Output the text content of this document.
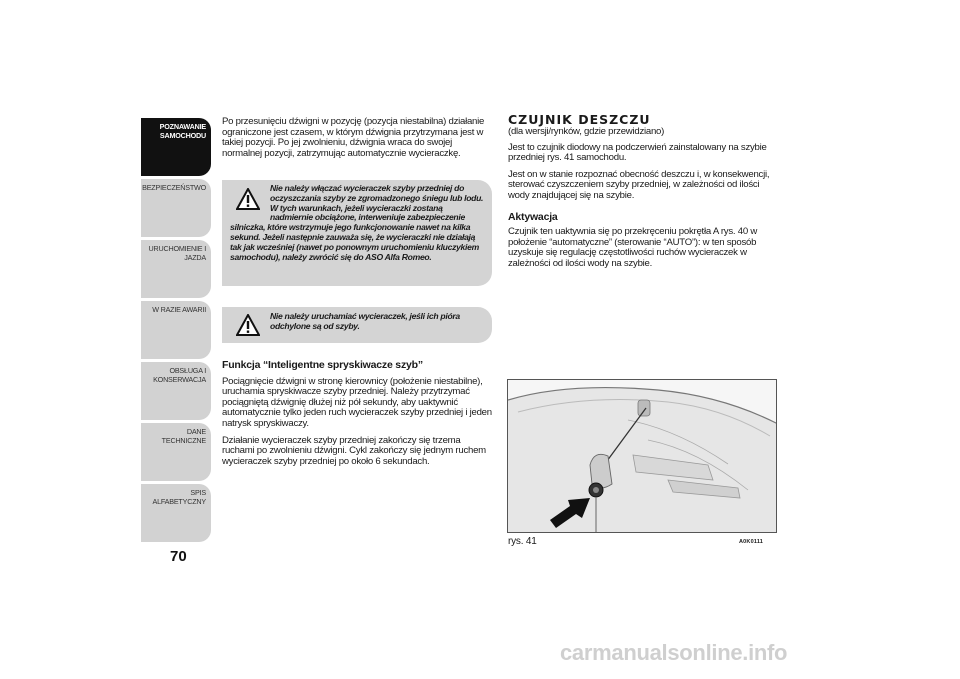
POZNAWANIE SAMOCHODU
BEZPIECZEŃSTWO
URUCHOMIENIE I JAZDA
W RAZIE AWARII
OBSŁUGA I KONSERWACJA
DANE TECHNICZNE
SPIS ALFABETYCZNY
70

Po przesunięciu dźwigni w pozycję (pozycja niestabilna) działanie ograniczone jest czasem, w którym dźwignia przytrzymana jest w takiej pozycji. Po jej zwolnieniu, dźwignia wraca do swojej normalnej pozycji, zatrzymując automatycznie wycieraczkę.

Nie należy włączać wycieraczek szyby przedniej do oczyszczania szyby ze zgromadzonego śniegu lub lodu. W tych warunkach, jeżeli wycieraczki zostaną nadmiernie obciążone, interweniuje zabezpieczenie silniczka, które wstrzymuje jego funkcjonowanie nawet na kilka sekund. Jeżeli następnie zauważa się, że wycieraczki nie działają tak jak wcześniej (nawet po ponownym uruchomieniu kluczykiem samochodu), należy zwrócić się do ASO Alfa Romeo.
Nie należy uruchamiać wycieraczek, jeśli ich pióra odchylone są od szyby.
Funkcja “Inteligentne spryskiwacze szyb”

Pociągnięcie dźwigni w stronę kierownicy (położenie niestabilne), uruchamia spryskiwacze szyby przedniej. Należy przytrzymać pociągniętą dźwignię dłużej niż pół sekundy, aby uaktywnić automatycznie tylko jeden ruch wycieraczek szyby przedniej i jeden natrysk spryskiwaczy.

Działanie wycieraczek szyby przedniej zakończy się trzema ruchami po zwolnieniu dźwigni. Cykl zakończy się jednym ruchem wycieraczek szyby przedniej po około 6 sekundach.

CZUJNIK DESZCZU

(dla wersji/rynków, gdzie przewidziano)

Jest to czujnik diodowy na podczerwień zainstalowany na szybie przedniej rys. 41 samochodu.

Jest on w stanie rozpoznać obecność deszczu i, w konsekwencji, sterować czyszczeniem szyby przedniej, w zależności od ilości wody znajdującej się na szybie.

Aktywacja

Czujnik ten uaktywnia się po przekręceniu pokrętła A rys. 40 w położenie “automatyczne” (sterowanie “AUTO”): w ten sposób uzyskuje się regulację częstotliwości ruchów wycieraczek w zależności od ilości wody na szybie.

rys. 41	A0K0111
carmanualsonline.info
